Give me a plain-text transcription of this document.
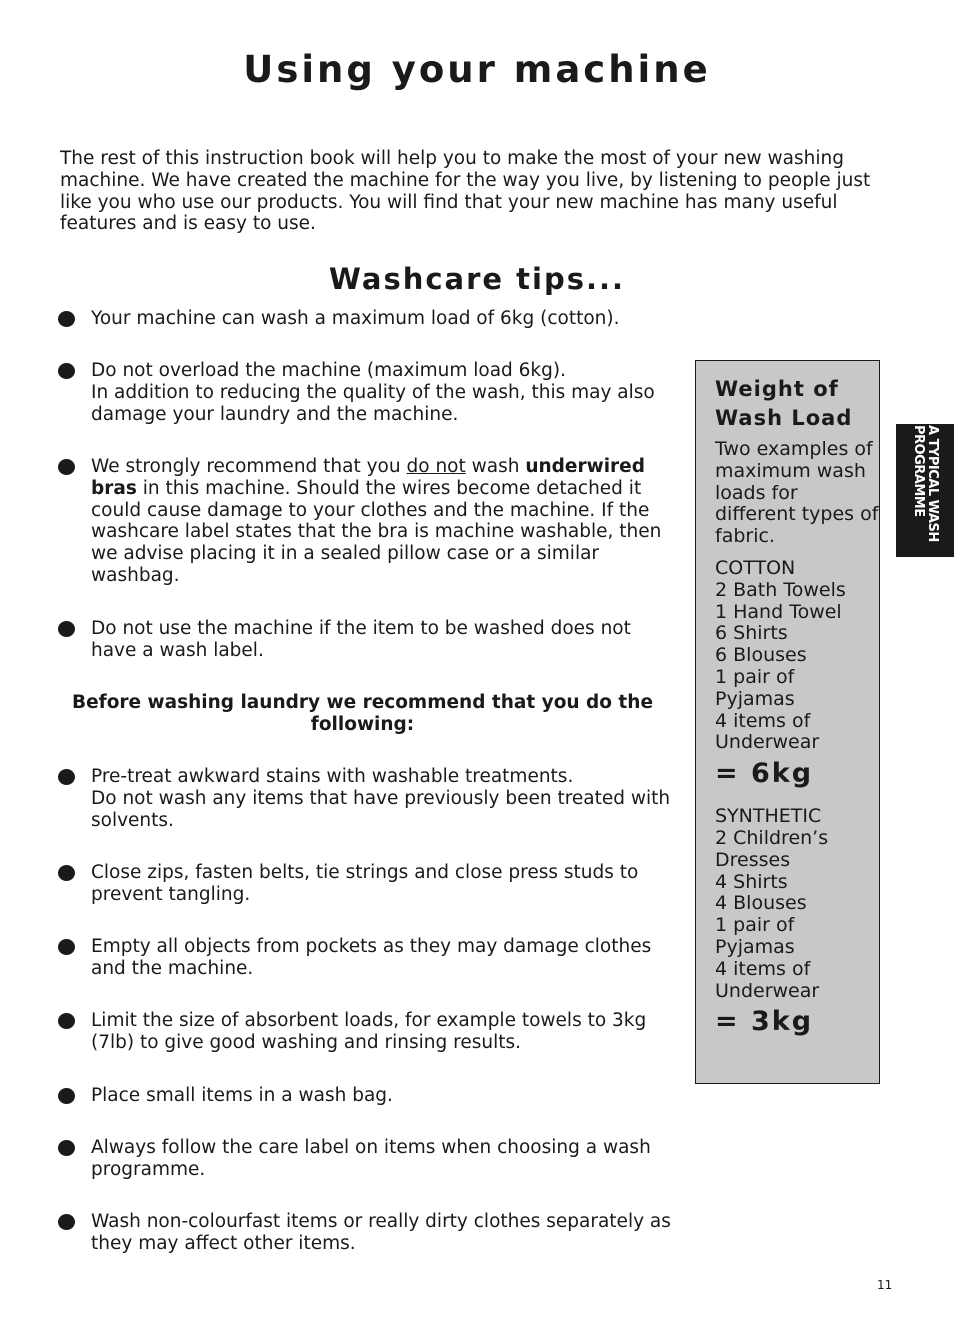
Using your machine

The rest of this instruction book will help you to make the most of your new washing machine. We have created the machine for the way you live, by listening to people just like you who use our products. You will find that your new machine has many useful features and is easy to use.

Washcare tips...
Your machine can wash a maximum load of 6kg (cotton).
Do not overload the machine (maximum load 6kg).
In addition to reducing the quality of the wash, this may also damage your laundry and the machine.
We strongly recommend that you do not wash underwired bras in this machine. Should the wires become detached it could cause damage to your clothes and the machine. If the washcare label states that the bra is machine washable, then we advise placing it in a sealed pillow case or a similar washbag.
Do not use the machine if the item to be washed does not have a wash label.

Before washing laundry we recommend that you do the following:

Pre-treat awkward stains with washable treatments.
Do not wash any items that have previously been treated with solvents.
Close zips, fasten belts, tie strings and close press studs to prevent tangling.
Empty all objects from pockets as they may damage clothes and the machine.
Limit the size of absorbent loads, for example towels to 3kg (7lb) to give good washing and rinsing results.
Place small items in a wash bag.
Always follow the care label on items when choosing a wash programme.
Wash non-colourfast items or really dirty clothes separately as they may affect other items.
Weight of Wash Load
Two examples of maximum wash loads for different types of fabric.
COTTON
2 Bath Towels
1 Hand Towel
6 Shirts
6 Blouses
1 pair of Pyjamas
4 items of Underwear
= 6kg
SYNTHETIC
2 Children’s Dresses
4 Shirts
4 Blouses
1 pair of Pyjamas
4 items of Underwear
= 3kg
A TYPICAL WASH
PROGRAMME
11
